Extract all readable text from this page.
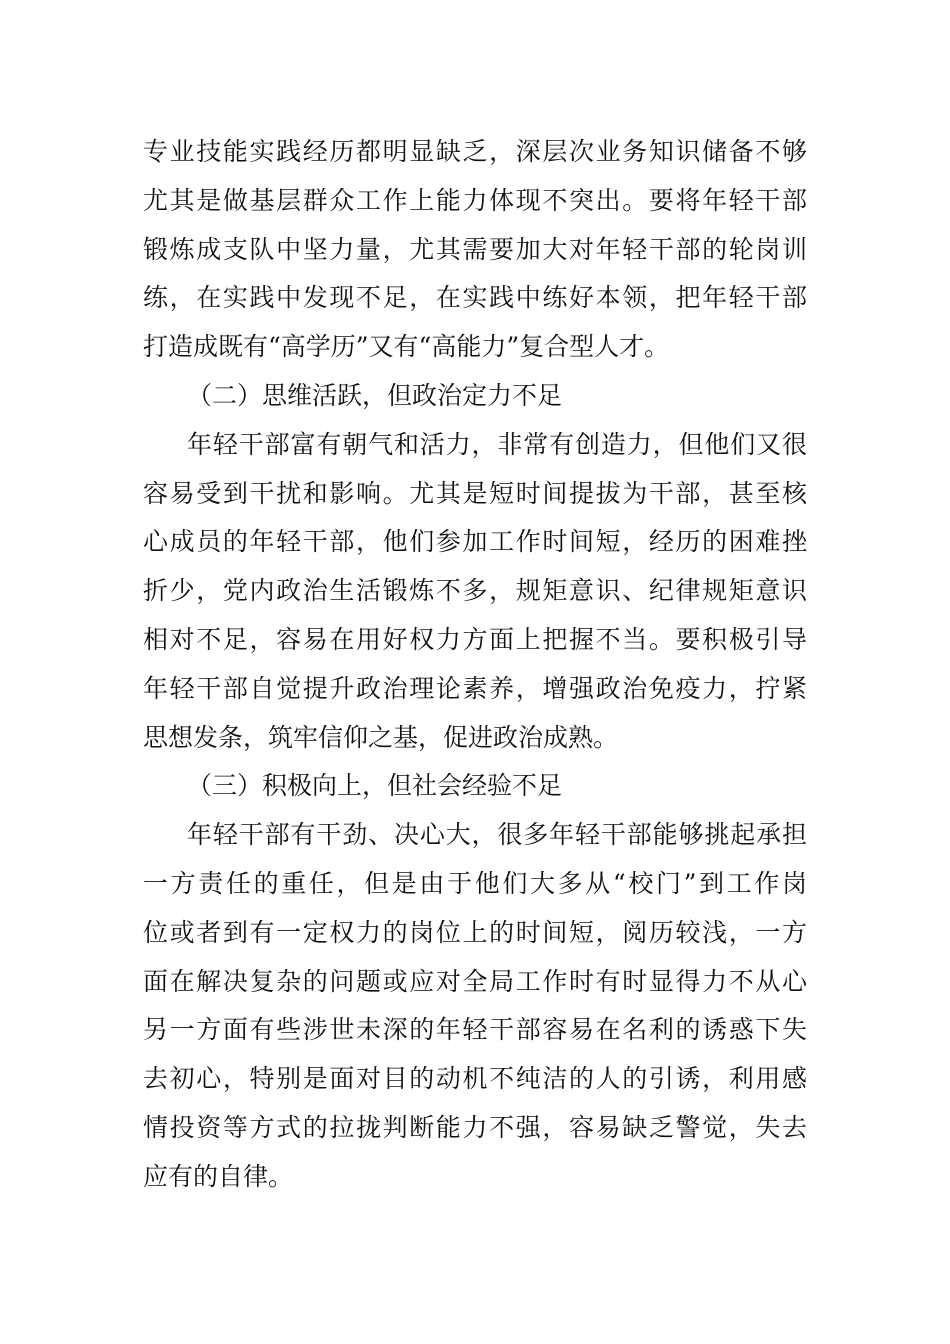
专业技能实践经历都明显缺乏，深层次业务知识储备不够
尤其是做基层群众工作上能力体现不突出。要将年轻干部
锻炼成支队中坚力量，尤其需要加大对年轻干部的轮岗训
练，在实践中发现不足，在实践中练好本领，把年轻干部
打造成既有“高学历”又有“高能力”复合型人才。
（二）思维活跃，但政治定力不足
年轻干部富有朝气和活力，非常有创造力，但他们又很
容易受到干扰和影响。尤其是短时间提拔为干部，甚至核
心成员的年轻干部，他们参加工作时间短，经历的困难挫
折少，党内政治生活锻炼不多，规矩意识、纪律规矩意识
相对不足，容易在用好权力方面上把握不当。要积极引导
年轻干部自觉提升政治理论素养，增强政治免疫力，拧紧
思想发条，筑牢信仰之基，促进政治成熟。
（三）积极向上，但社会经验不足
年轻干部有干劲、决心大，很多年轻干部能够挑起承担
一方责任的重任，但是由于他们大多从“校门”到工作岗
位或者到有一定权力的岗位上的时间短，阅历较浅，一方
面在解决复杂的问题或应对全局工作时有时显得力不从心
另一方面有些涉世未深的年轻干部容易在名利的诱惑下失
去初心，特别是面对目的动机不纯洁的人的引诱，利用感
情投资等方式的拉拢判断能力不强，容易缺乏警觉，失去
应有的自律。
